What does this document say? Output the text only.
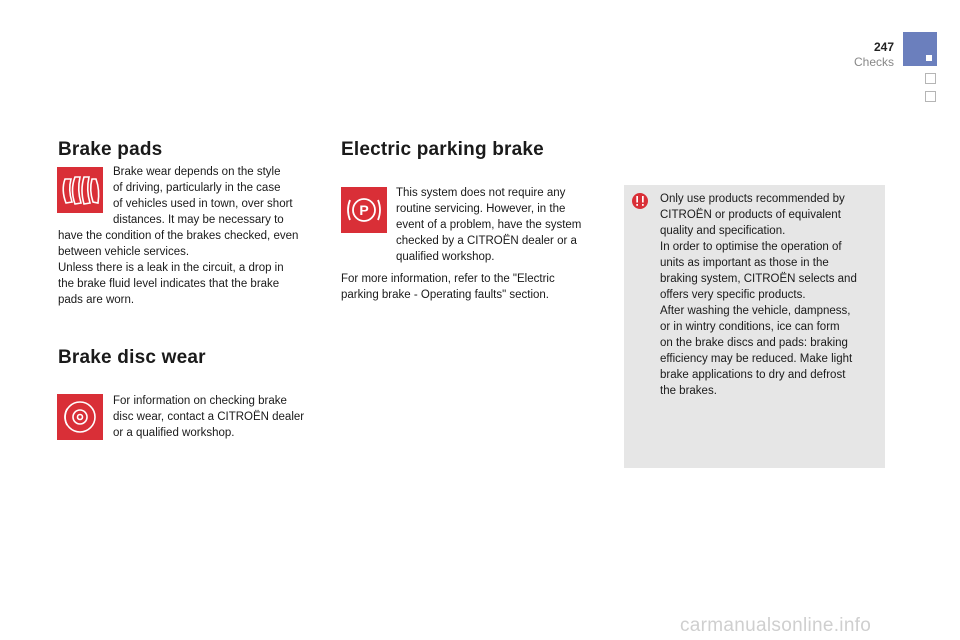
247
Checks
Brake pads
Brake wear depends on the style
of driving, particularly in the case
of vehicles used in town, over short
distances. It may be necessary to
have the condition of the brakes checked, even
between vehicle services.
Unless there is a leak in the circuit, a drop in
the brake fluid level indicates that the brake
pads are worn.
Brake disc wear
For information on checking brake
disc wear, contact a CITROËN dealer
or a qualified workshop.
Electric parking brake
P
This system does not require any
routine servicing. However, in the
event of a problem, have the system
checked by a CITROËN dealer or a
qualified workshop.
For more information, refer to the "Electric
parking brake - Operating faults" section.
Only use products recommended by
CITROËN or products of equivalent
quality and specification.
In order to optimise the operation of
units as important as those in the
braking system, CITROËN selects and
offers very specific products.
After washing the vehicle, dampness,
or in wintry conditions, ice can form
on the brake discs and pads: braking
efficiency may be reduced. Make light
brake applications to dry and defrost
the brakes.
carmanualsonline.info
